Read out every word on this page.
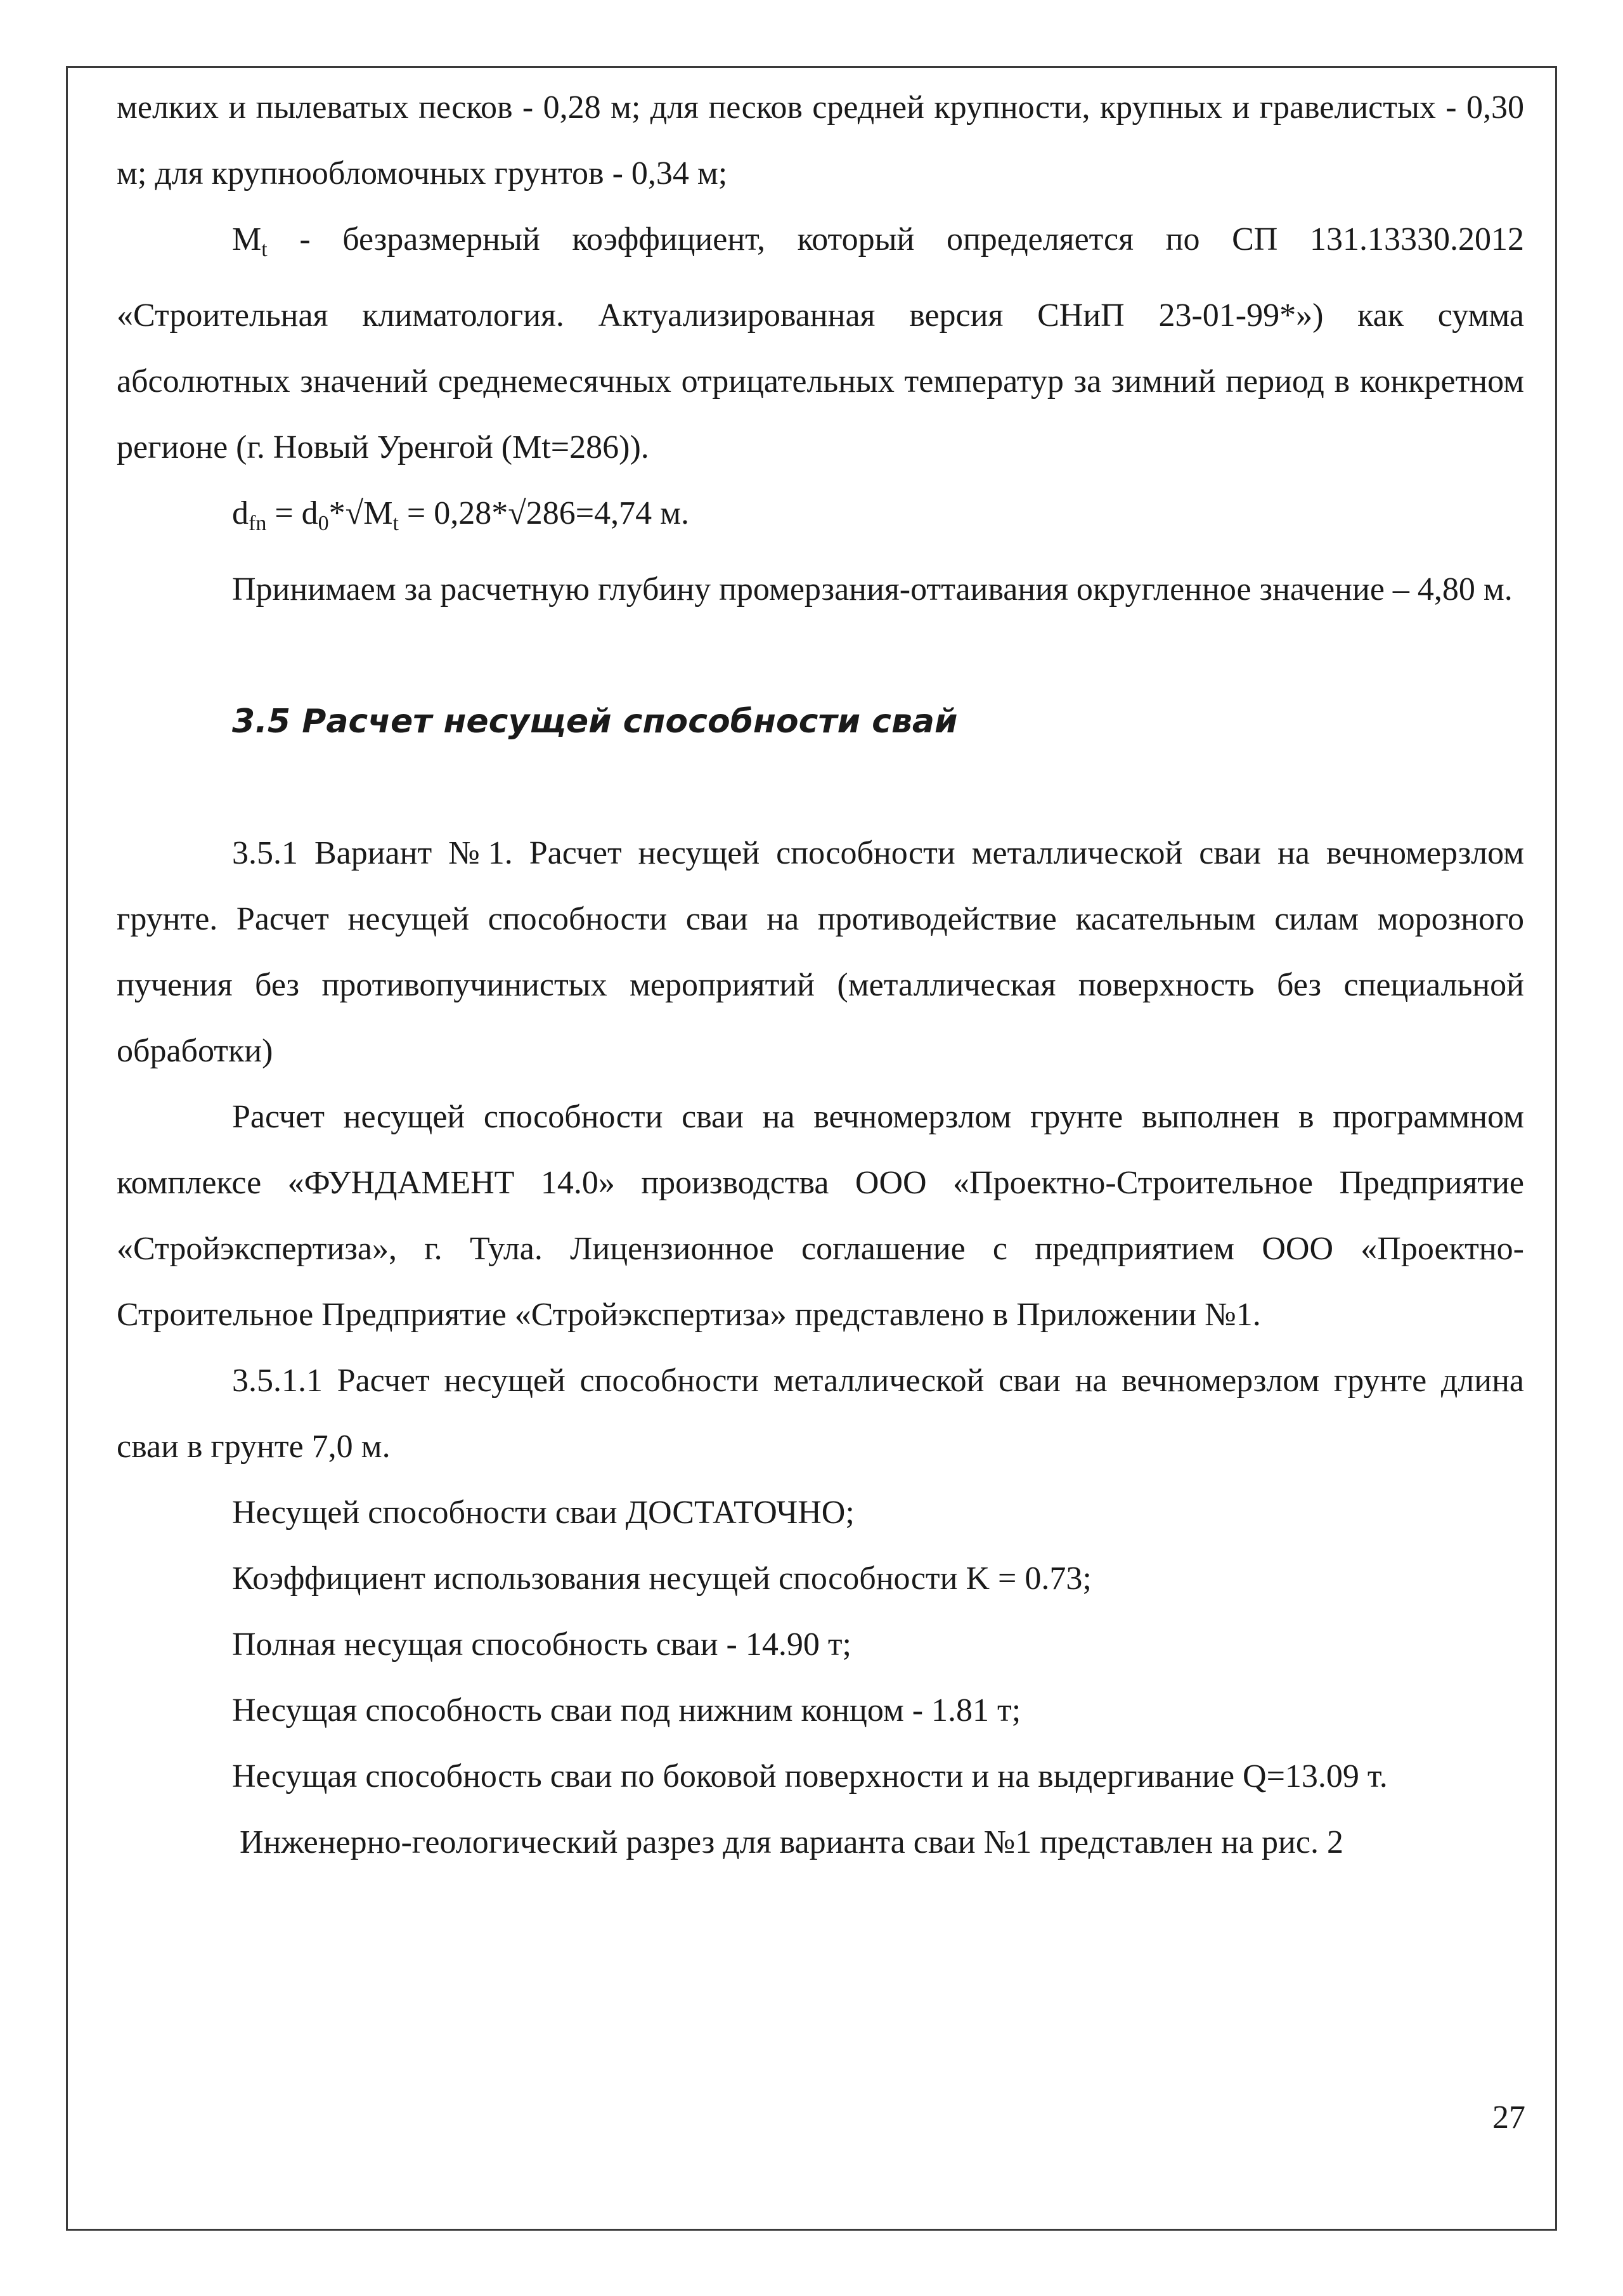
мелких и пылеватых песков - 0,28 м; для песков средней крупности, крупных и гравелистых - 0,30 м; для крупнообломочных грунтов - 0,34 м;

$M_t$ - безразмерный коэффициент, который определяется по СП 131.13330.2012 «Строительная климатология. Актуализированная версия СНиП 23-01-99*») как сумма абсолютных значений среднемесячных отрицательных температур за зимний период в конкретном регионе (г. Новый Уренгой (Mt=286)).

$d_{fn} = d_0*√M_t = 0,28*√286=4,74$ м.

Принимаем за расчетную глубину промерзания-оттаивания округленное значение – 4,80 м.

3.5 Расчет несущей способности свай

3.5.1 Вариант №1. Расчет несущей способности металлической сваи на вечномерзлом грунте. Расчет несущей способности сваи на противодействие касательным силам морозного пучения без противопучинистых мероприятий (металлическая поверхность без специальной обработки)

Расчет несущей способности сваи на вечномерзлом грунте выполнен в программном комплексе «ФУНДАМЕНТ 14.0» производства ООО «Проектно-Строительное Предприятие «Стройэкспертиза», г. Тула. Лицензионное соглашение с предприятием ООО «Проектно-Строительное Предприятие «Стройэкспертиза» представлено в Приложении №1.

3.5.1.1 Расчет несущей способности металлической сваи на вечномерзлом грунте длина сваи в грунте 7,0 м.

Несущей способности сваи ДОСТАТОЧНО;

Коэффициент использования несущей способности K = 0.73;

Полная несущая способность сваи - 14.90 т;

Несущая способность сваи под нижним концом - 1.81 т;

Несущая способность сваи по боковой поверхности и на выдергивание Q=13.09 т.

Инженерно-геологический разрез для варианта сваи №1 представлен на рис. 2

27
